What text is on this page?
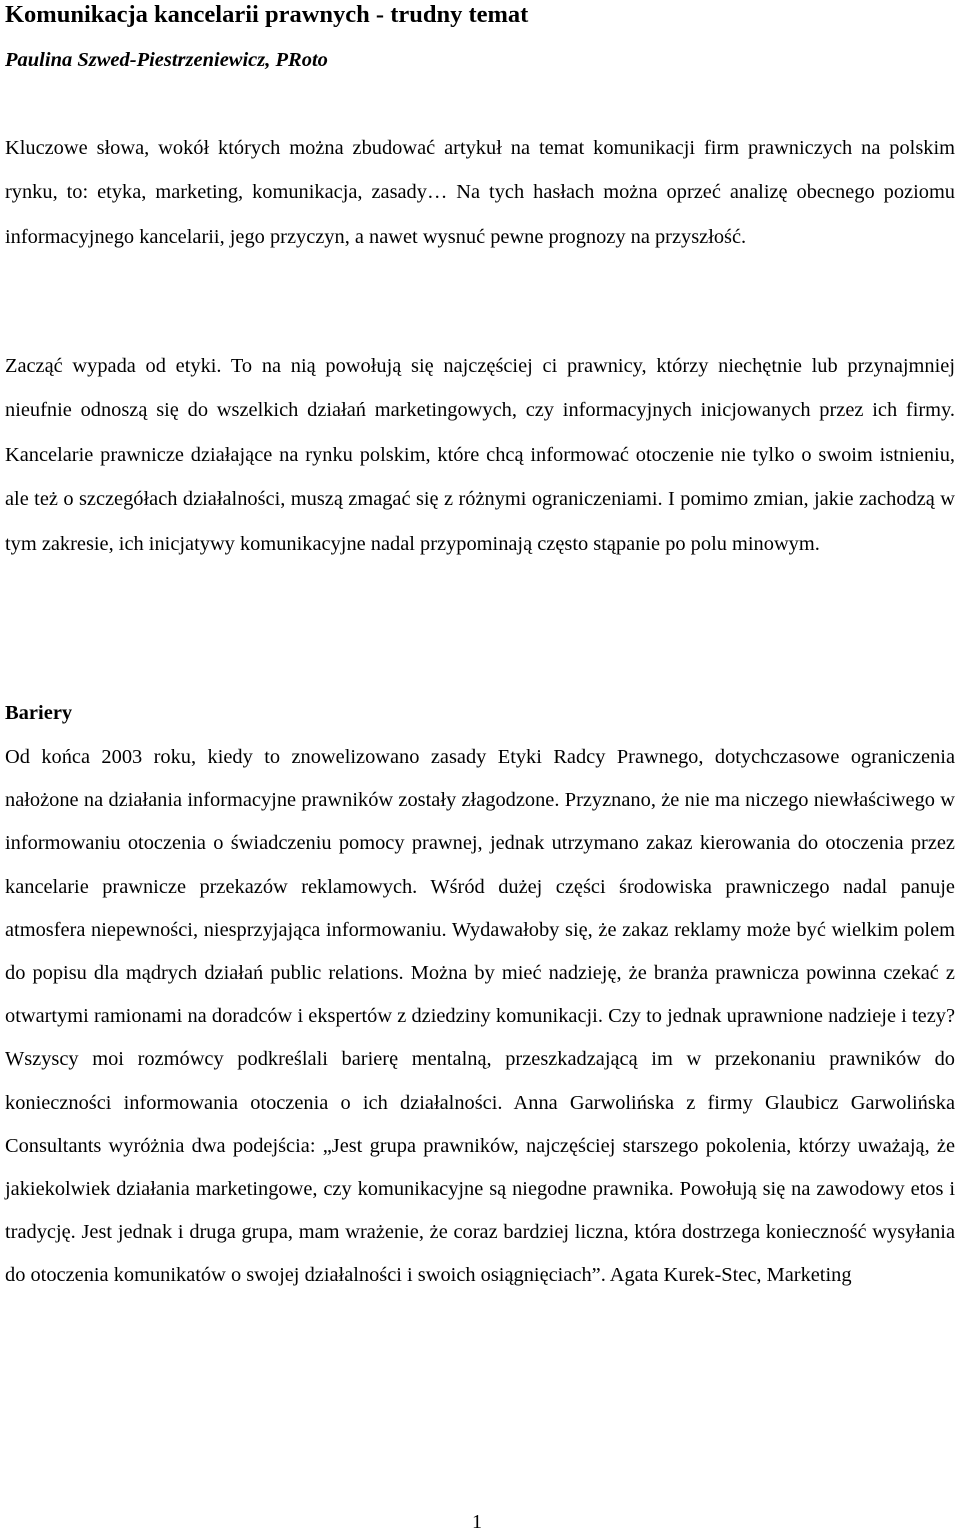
Komunikacja kancelarii prawnych - trudny temat

Paulina Szwed-Piestrzeniewicz, PRoto

Kluczowe słowa, wokół których można zbudować artykuł na temat komunikacji firm prawniczych na polskim rynku, to: etyka, marketing, komunikacja, zasady… Na tych hasłach można oprzeć analizę obecnego poziomu informacyjnego kancelarii, jego przyczyn, a nawet wysnuć pewne prognozy na przyszłość.

Zacząć wypada od etyki. To na nią powołują się najczęściej ci prawnicy, którzy niechętnie lub przynajmniej nieufnie odnoszą się do wszelkich działań marketingowych, czy informacyjnych inicjowanych przez ich firmy. Kancelarie prawnicze działające na rynku polskim, które chcą informować otoczenie nie tylko o swoim istnieniu, ale też o szczegółach działalności, muszą zmagać się z różnymi ograniczeniami. I pomimo zmian, jakie zachodzą w tym zakresie, ich inicjatywy komunikacyjne nadal przypominają często stąpanie po polu minowym.

Bariery

Od końca 2003 roku, kiedy to znowelizowano zasady Etyki Radcy Prawnego, dotychczasowe ograniczenia nałożone na działania informacyjne prawników zostały złagodzone. Przyznano, że nie ma niczego niewłaściwego w informowaniu otoczenia o świadczeniu pomocy prawnej, jednak utrzymano zakaz kierowania do otoczenia przez kancelarie prawnicze przekazów reklamowych. Wśród dużej części środowiska prawniczego nadal panuje atmosfera niepewności, niesprzyjająca informowaniu. Wydawałoby się, że zakaz reklamy może być wielkim polem do popisu dla mądrych działań public relations. Można by mieć nadzieję, że branża prawnicza powinna czekać z otwartymi ramionami na doradców i ekspertów z dziedziny komunikacji. Czy to jednak uprawnione nadzieje i tezy? Wszyscy moi rozmówcy podkreślali barierę mentalną, przeszkadzającą im w przekonaniu prawników do konieczności informowania otoczenia o ich działalności. Anna Garwolińska z firmy Glaubicz Garwolińska Consultants wyróżnia dwa podejścia: „Jest grupa prawników, najczęściej starszego pokolenia, którzy uważają, że jakiekolwiek działania marketingowe, czy komunikacyjne są niegodne prawnika. Powołują się na zawodowy etos i tradycję. Jest jednak i druga grupa, mam wrażenie, że coraz bardziej liczna, która dostrzega konieczność wysyłania do otoczenia komunikatów o swojej działalności i swoich osiągnięciach”. Agata Kurek-Stec, Marketing

1
